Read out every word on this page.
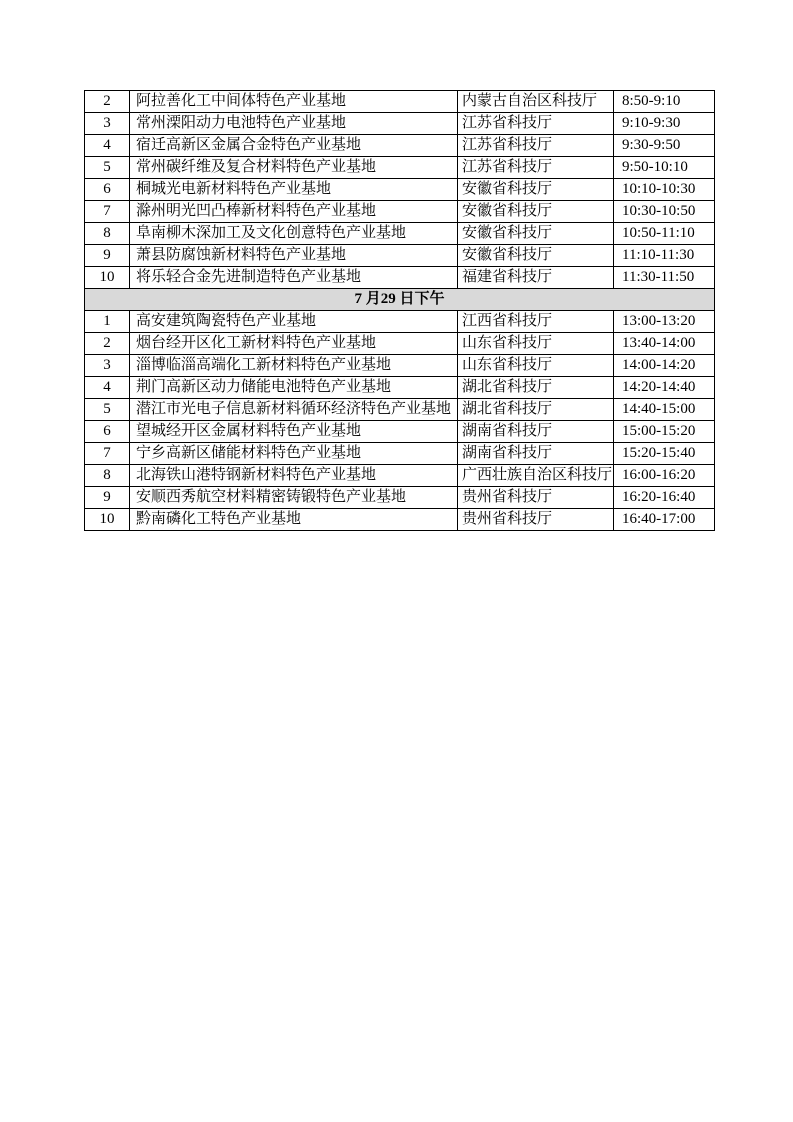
2	阿拉善化工中间体特色产业基地	内蒙古自治区科技厅	8:50-9:10
3	常州溧阳动力电池特色产业基地	江苏省科技厅	9:10-9:30
4	宿迁高新区金属合金特色产业基地	江苏省科技厅	9:30-9:50
5	常州碳纤维及复合材料特色产业基地	江苏省科技厅	9:50-10:10
6	桐城光电新材料特色产业基地	安徽省科技厅	10:10-10:30
7	滁州明光凹凸棒新材料特色产业基地	安徽省科技厅	10:30-10:50
8	阜南柳木深加工及文化创意特色产业基地	安徽省科技厅	10:50-11:10
9	萧县防腐蚀新材料特色产业基地	安徽省科技厅	11:10-11:30
10	将乐轻合金先进制造特色产业基地	福建省科技厅	11:30-11:50
7 月29 日下午			
1	高安建筑陶瓷特色产业基地	江西省科技厅	13:00-13:20
2	烟台经开区化工新材料特色产业基地	山东省科技厅	13:40-14:00
3	淄博临淄高端化工新材料特色产业基地	山东省科技厅	14:00-14:20
4	荆门高新区动力储能电池特色产业基地	湖北省科技厅	14:20-14:40
5	潜江市光电子信息新材料循环经济特色产业基地	湖北省科技厅	14:40-15:00
6	望城经开区金属材料特色产业基地	湖南省科技厅	15:00-15:20
7	宁乡高新区储能材料特色产业基地	湖南省科技厅	15:20-15:40
8	北海铁山港特钢新材料特色产业基地	广西壮族自治区科技厅	16:00-16:20
9	安顺西秀航空材料精密铸锻特色产业基地	贵州省科技厅	16:20-16:40
10	黔南磷化工特色产业基地	贵州省科技厅	16:40-17:00
